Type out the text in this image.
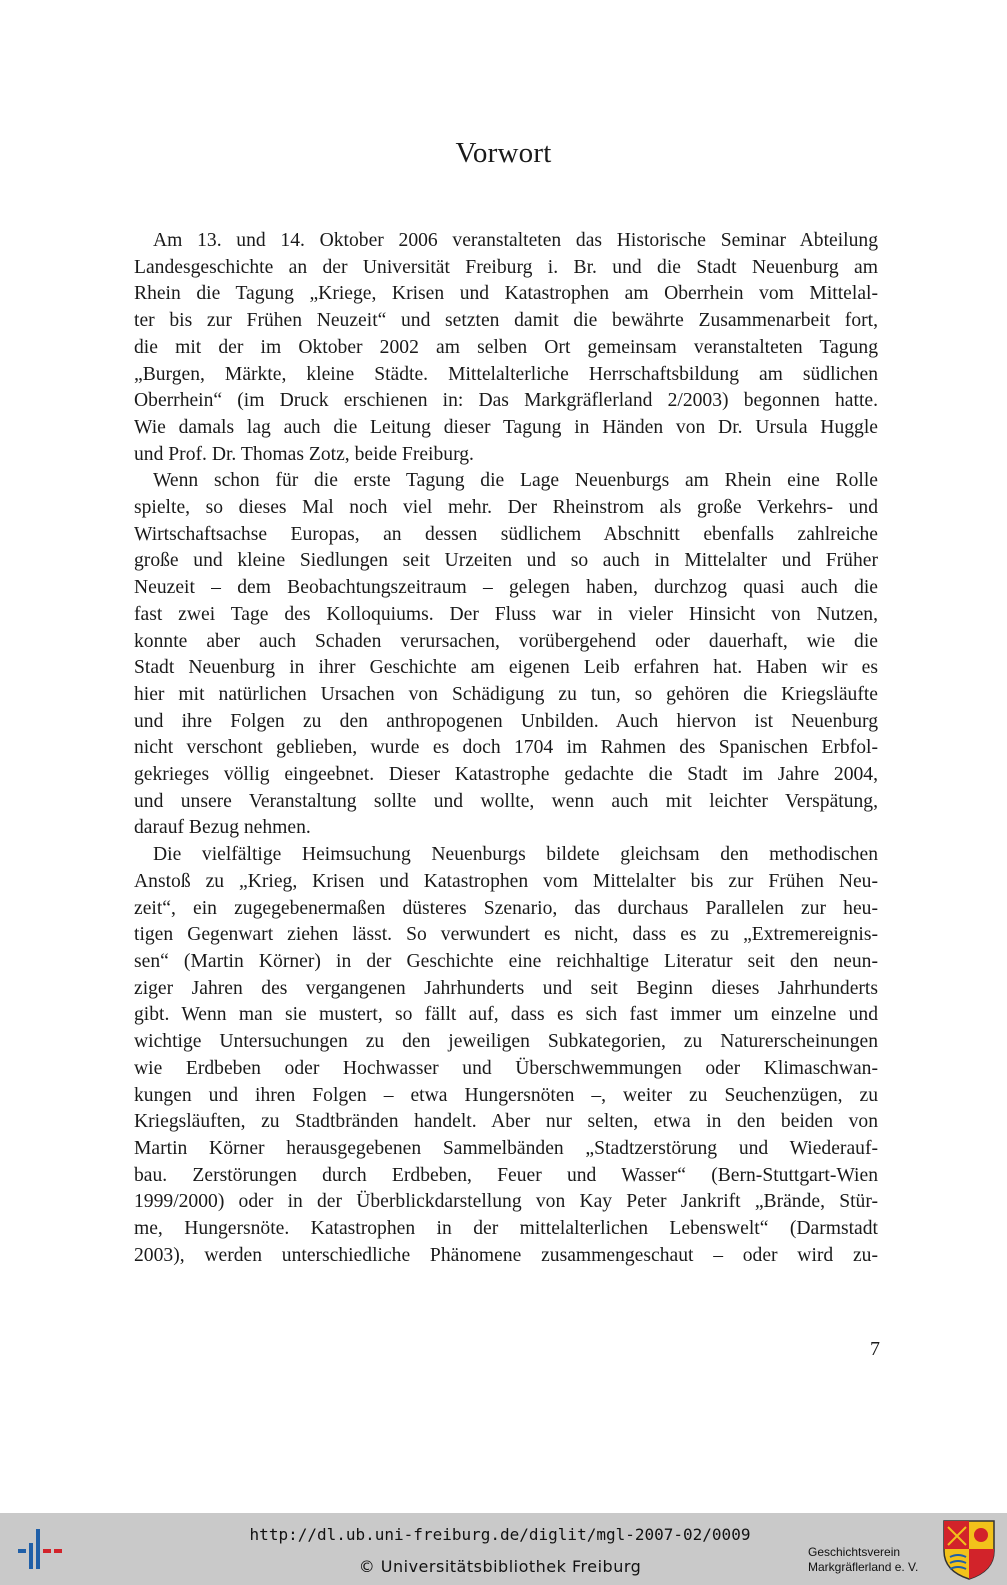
Vorwort
Am 13. und 14. Oktober 2006 veranstalteten das Historische Seminar Abteilung
Landesgeschichte an der Universität Freiburg i. Br. und die Stadt Neuenburg am
Rhein die Tagung „Kriege, Krisen und Katastrophen am Oberrhein vom Mittelal-
ter bis zur Frühen Neuzeit“ und setzten damit die bewährte Zusammenarbeit fort,
die mit der im Oktober 2002 am selben Ort gemeinsam veranstalteten Tagung
„Burgen, Märkte, kleine Städte. Mittelalterliche Herrschaftsbildung am südlichen
Oberrhein“ (im Druck erschienen in: Das Markgräflerland 2/2003) begonnen hatte.
Wie damals lag auch die Leitung dieser Tagung in Händen von Dr. Ursula Huggle
und Prof. Dr. Thomas Zotz, beide Freiburg.
Wenn schon für die erste Tagung die Lage Neuenburgs am Rhein eine Rolle
spielte, so dieses Mal noch viel mehr. Der Rheinstrom als große Verkehrs- und
Wirtschaftsachse Europas, an dessen südlichem Abschnitt ebenfalls zahlreiche
große und kleine Siedlungen seit Urzeiten und so auch in Mittelalter und Früher
Neuzeit – dem Beobachtungszeitraum – gelegen haben, durchzog quasi auch die
fast zwei Tage des Kolloquiums. Der Fluss war in vieler Hinsicht von Nutzen,
konnte aber auch Schaden verursachen, vorübergehend oder dauerhaft, wie die
Stadt Neuenburg in ihrer Geschichte am eigenen Leib erfahren hat. Haben wir es
hier mit natürlichen Ursachen von Schädigung zu tun, so gehören die Kriegsläufte
und ihre Folgen zu den anthropogenen Unbilden. Auch hiervon ist Neuenburg
nicht verschont geblieben, wurde es doch 1704 im Rahmen des Spanischen Erbfol-
gekrieges völlig eingeebnet. Dieser Katastrophe gedachte die Stadt im Jahre 2004,
und unsere Veranstaltung sollte und wollte, wenn auch mit leichter Verspätung,
darauf Bezug nehmen.
Die vielfältige Heimsuchung Neuenburgs bildete gleichsam den methodischen
Anstoß zu „Krieg, Krisen und Katastrophen vom Mittelalter bis zur Frühen Neu-
zeit“, ein zugegebenermaßen düsteres Szenario, das durchaus Parallelen zur heu-
tigen Gegenwart ziehen lässt. So verwundert es nicht, dass es zu „Extremereignis-
sen“ (Martin Körner) in der Geschichte eine reichhaltige Literatur seit den neun-
ziger Jahren des vergangenen Jahrhunderts und seit Beginn dieses Jahrhunderts
gibt. Wenn man sie mustert, so fällt auf, dass es sich fast immer um einzelne und
wichtige Untersuchungen zu den jeweiligen Subkategorien, zu Naturerscheinungen
wie Erdbeben oder Hochwasser und Überschwemmungen oder Klimaschwan-
kungen und ihren Folgen – etwa Hungersnöten –, weiter zu Seuchenzügen, zu
Kriegsläuften, zu Stadtbränden handelt. Aber nur selten, etwa in den beiden von
Martin Körner herausgegebenen Sammelbänden „Stadtzerstörung und Wiederauf-
bau. Zerstörungen durch Erdbeben, Feuer und Wasser“ (Bern-Stuttgart-Wien
1999/2000) oder in der Überblickdarstellung von Kay Peter Jankrift „Brände, Stür-
me, Hungersnöte. Katastrophen in der mittelalterlichen Lebenswelt“ (Darmstadt
2003), werden unterschiedliche Phänomene zusammengeschaut – oder wird zu-
7
http://dl.ub.uni-freiburg.de/diglit/mgl-2007-02/0009
© Universitätsbibliothek Freiburg
Geschichtsverein
Markgräflerland e. V.
